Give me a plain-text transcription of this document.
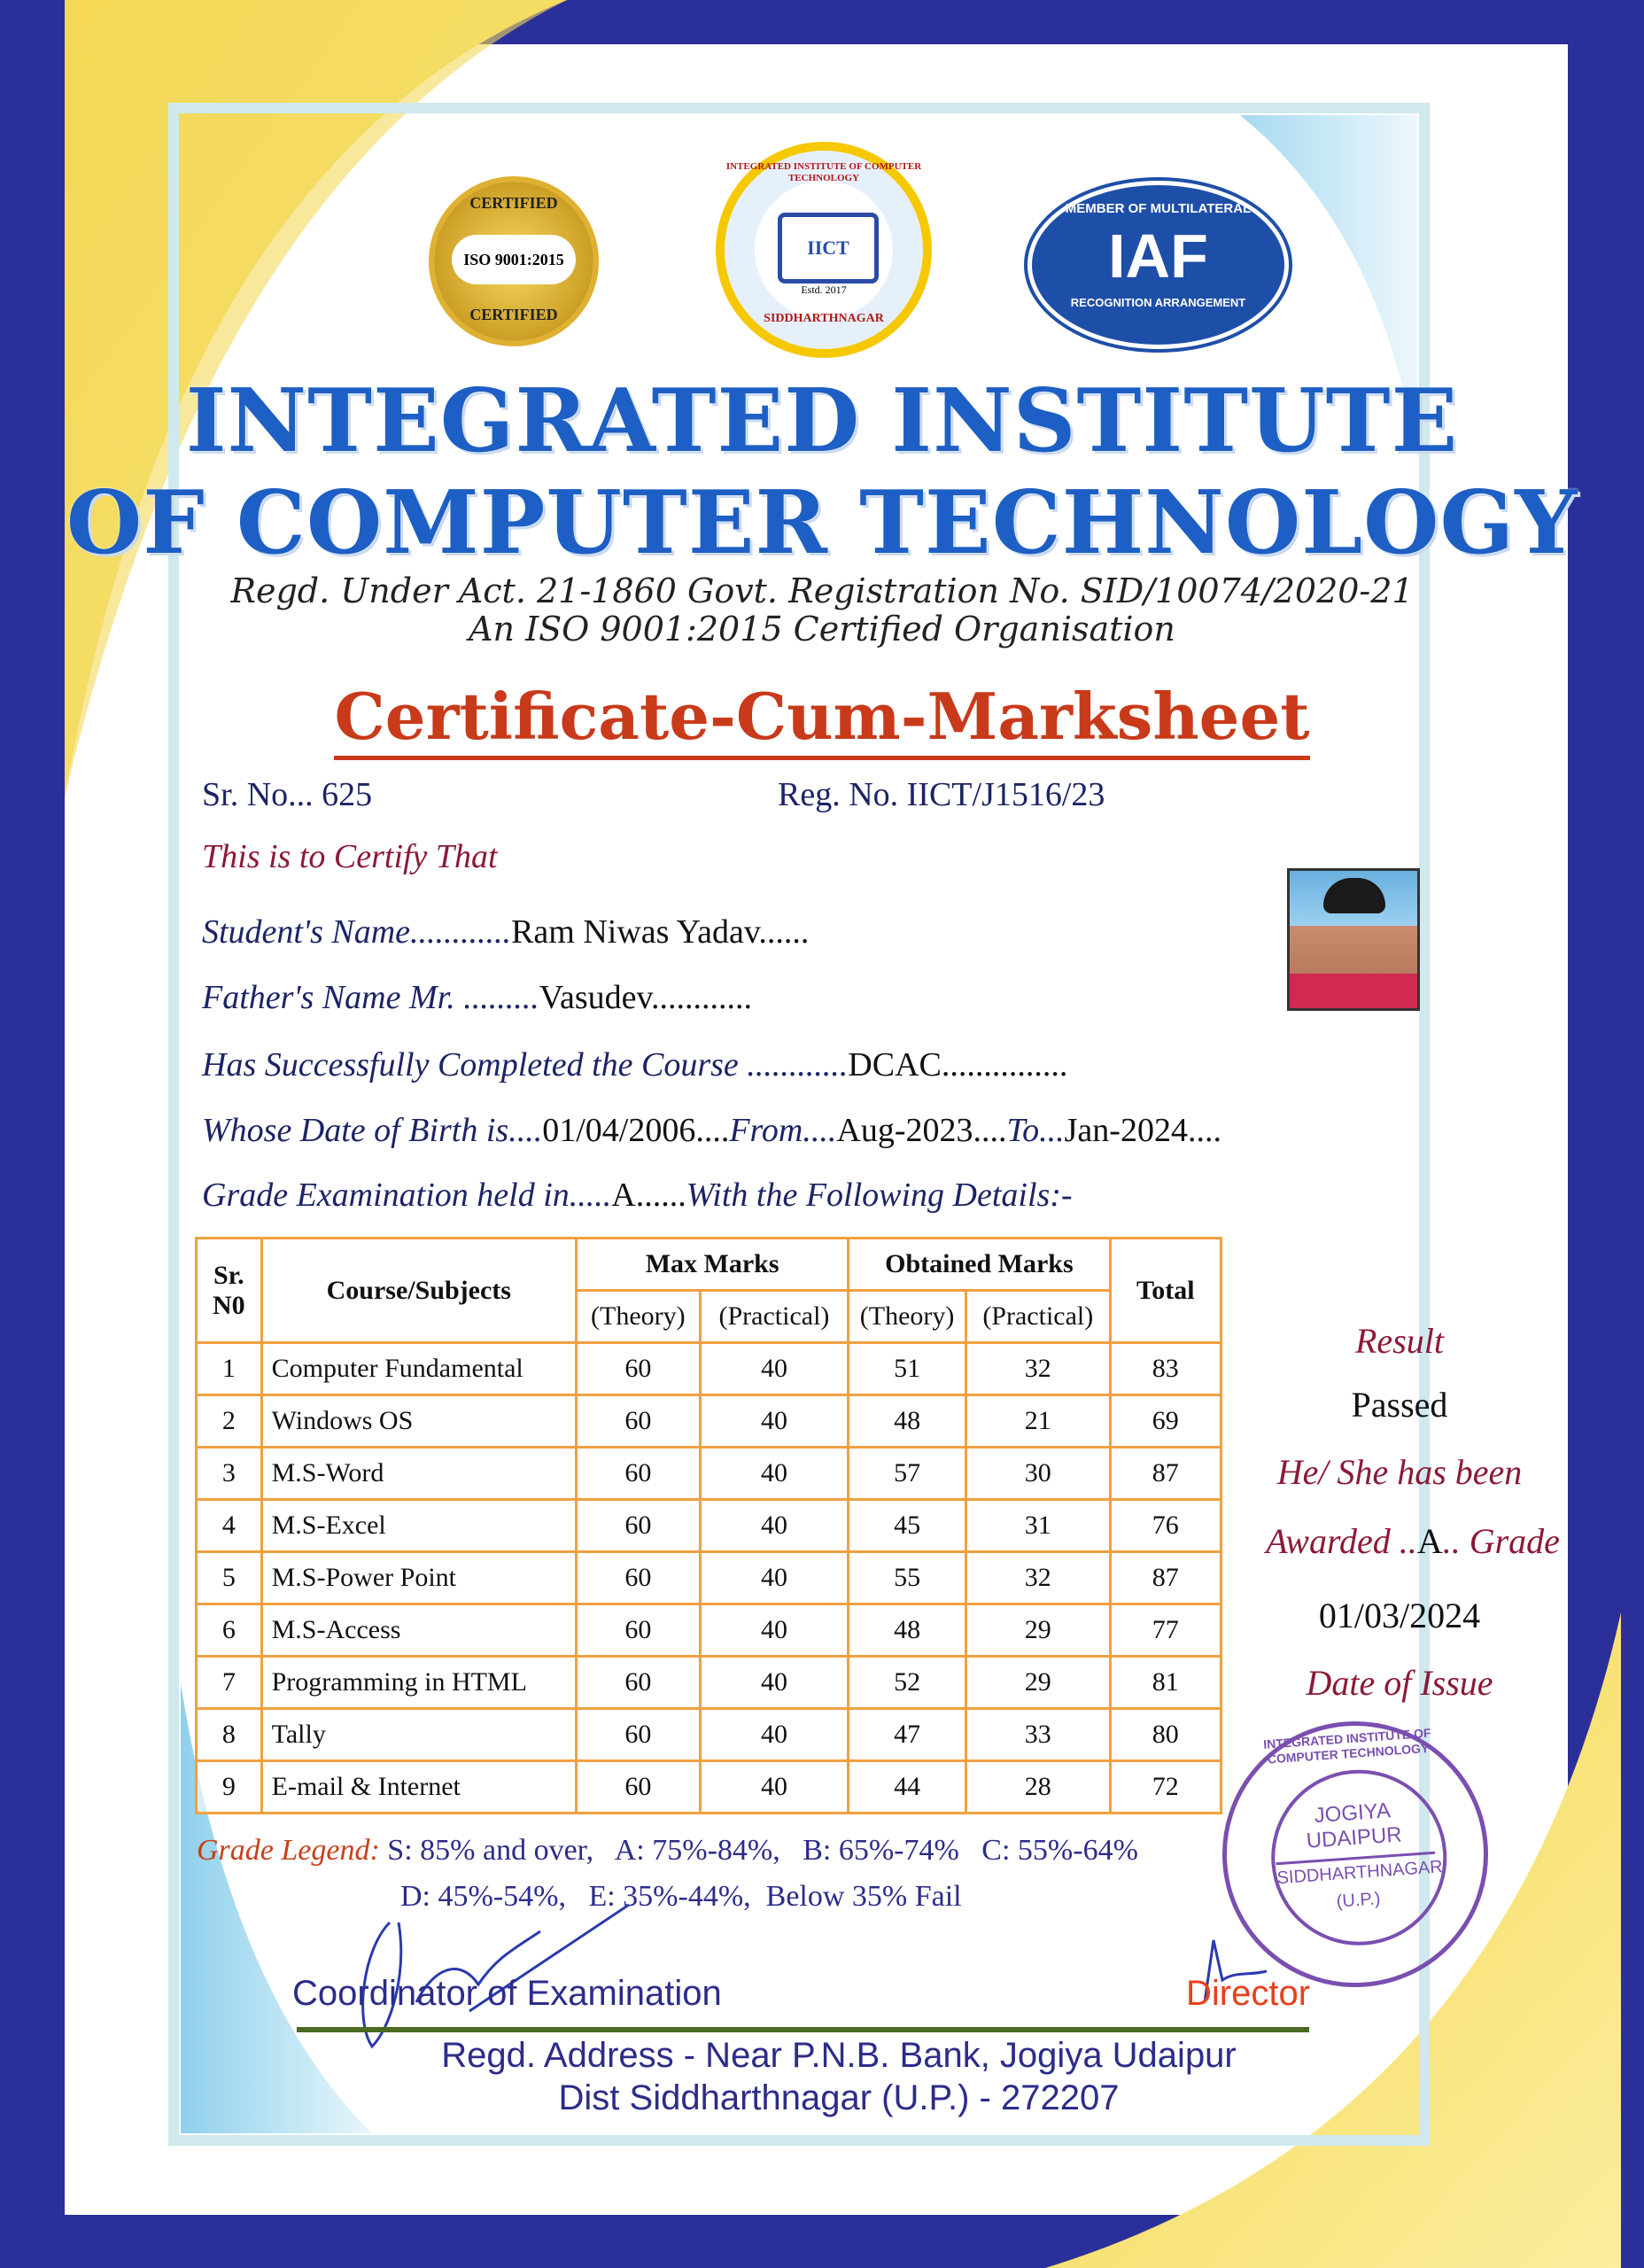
ISO 9001:2015
CERTIFIED
CERTIFIED
IICT
Estd. 2017
SIDDHARTHNAGAR
INTEGRATED INSTITUTE OF COMPUTER TECHNOLOGY
MEMBER OF MULTILATERAL
IAF
RECOGNITION ARRANGEMENT
INTEGRATED INSTITUTE
OF COMPUTER TECHNOLOGY
Regd. Under Act. 21-1860 Govt. Registration No. SID/10074/2020-21
An ISO 9001:2015 Certified Organisation
Certificate-Cum-Marksheet
Sr. No... 625	Reg. No. IICT/J1516/23
This is to Certify That
Student's Name............Ram Niwas Yadav......
Father's Name Mr. .........Vasudev............
Has Successfully Completed the Course ............DCAC...............
Whose Date of Birth is....01/04/2006....From....Aug-2023....To...Jan-2024....
Grade Examination held in.....A......With the Following Details:-
Sr. N0	Course/Subjects	Max Marks		Obtained Marks		Total
		(Theory)	(Practical)	(Theory)	(Practical)	
1	Computer Fundamental	60	40	51	32	83
2	Windows OS	60	40	48	21	69
3	M.S-Word	60	40	57	30	87
4	M.S-Excel	60	40	45	31	76
5	M.S-Power Point	60	40	55	32	87
6	M.S-Access	60	40	48	29	77
7	Programming in HTML	60	40	52	29	81
8	Tally	60	40	47	33	80
9	E-mail & Internet	60	40	44	28	72
Result
Passed
He/ She has been
Awarded ..A.. Grade
01/03/2024
Date of Issue
INTEGRATED INSTITUTE OF COMPUTER TECHNOLOGY
JOGIYA
UDAIPUR
SIDDHARTHNAGAR
(U.P.)
Grade Legend: S: 85% and over,   A: 75%-84%,   B: 65%-74%   C: 55%-64%
D: 45%-54%,   E: 35%-44%,  Below 35% Fail
Coordinator of Examination	Director
Regd. Address - Near P.N.B. Bank, Jogiya Udaipur
Dist Siddharthnagar (U.P.) - 272207
